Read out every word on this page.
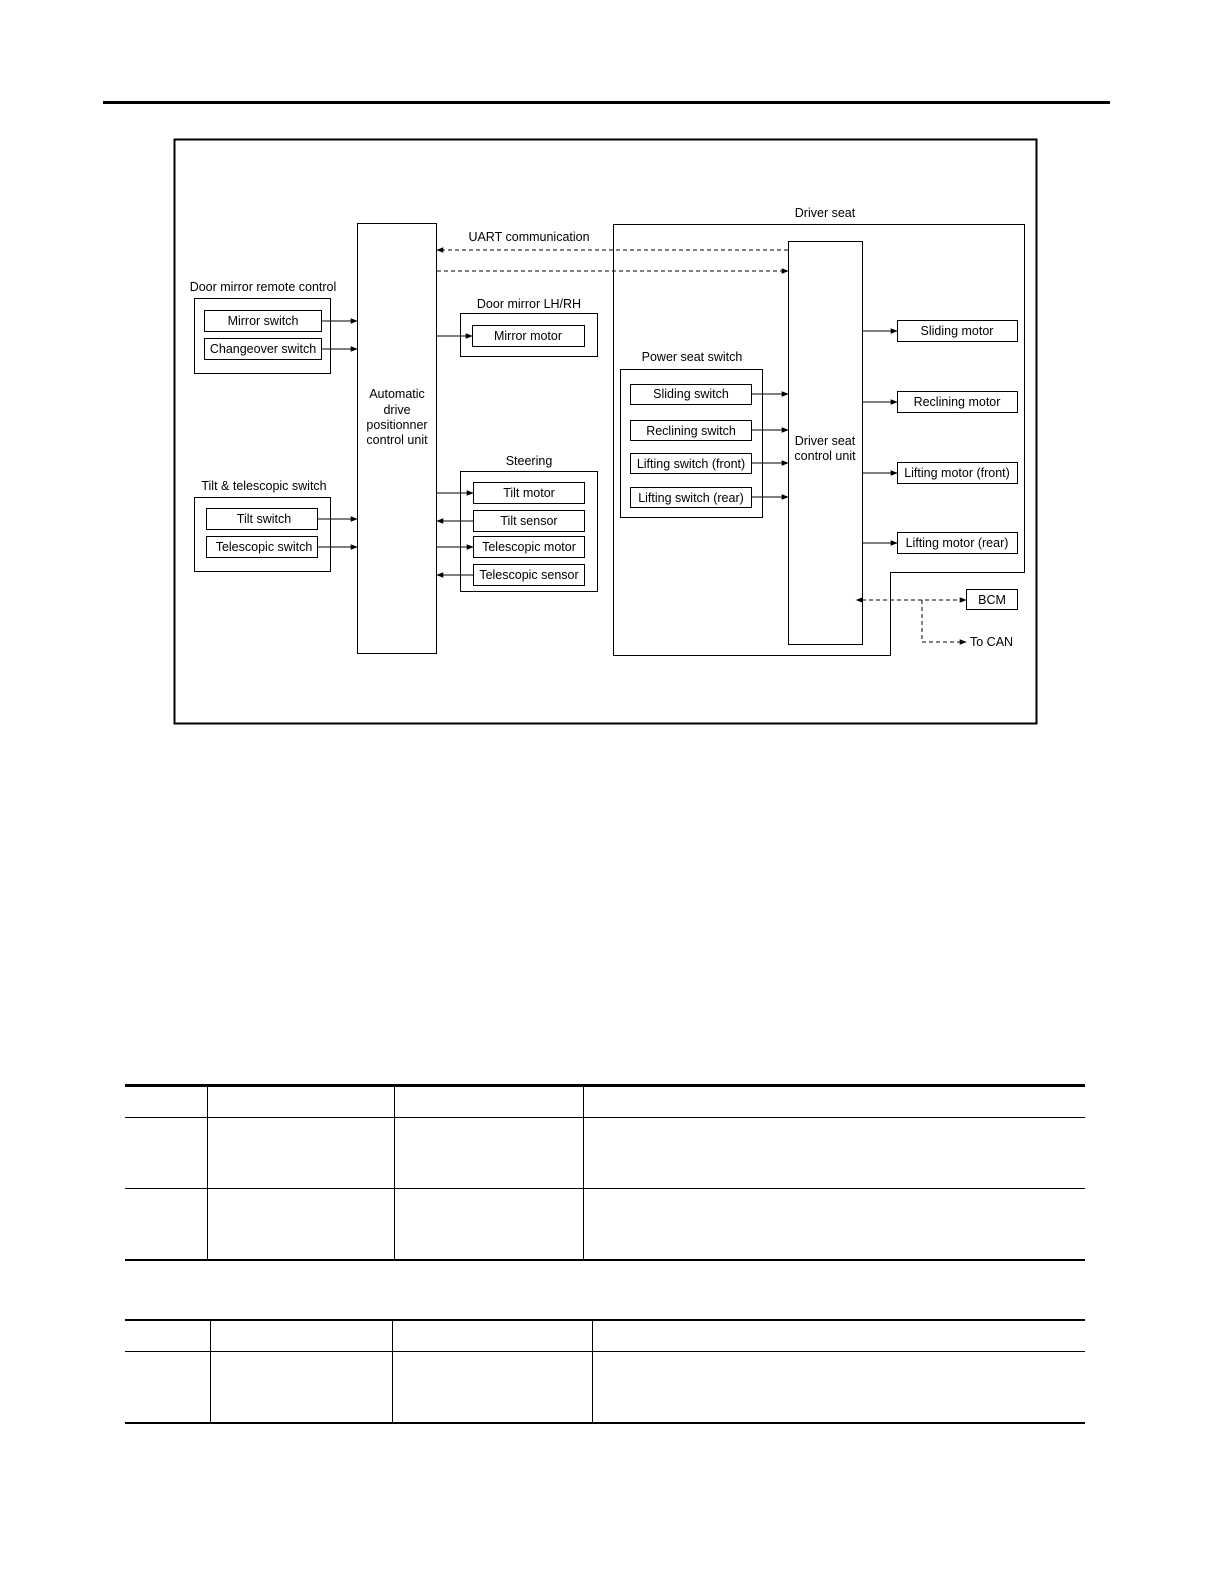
Door mirror remote control
Tilt & telescopic switch
Door mirror LH/RH
Steering
Power seat switch
Driver seat
UART communication
Automatic
drive
positionner
control unit	Driver seat
control unit
Mirror switch
Changeover switch
Tilt switch
Telescopic switch
Mirror motor
Tilt motor
Tilt sensor
Telescopic motor
Telescopic sensor
Sliding switch
Reclining switch
Lifting switch (front)
Lifting switch (rear)
Sliding motor
Reclining motor
Lifting motor (front)
Lifting motor (rear)
BCM
To CAN
